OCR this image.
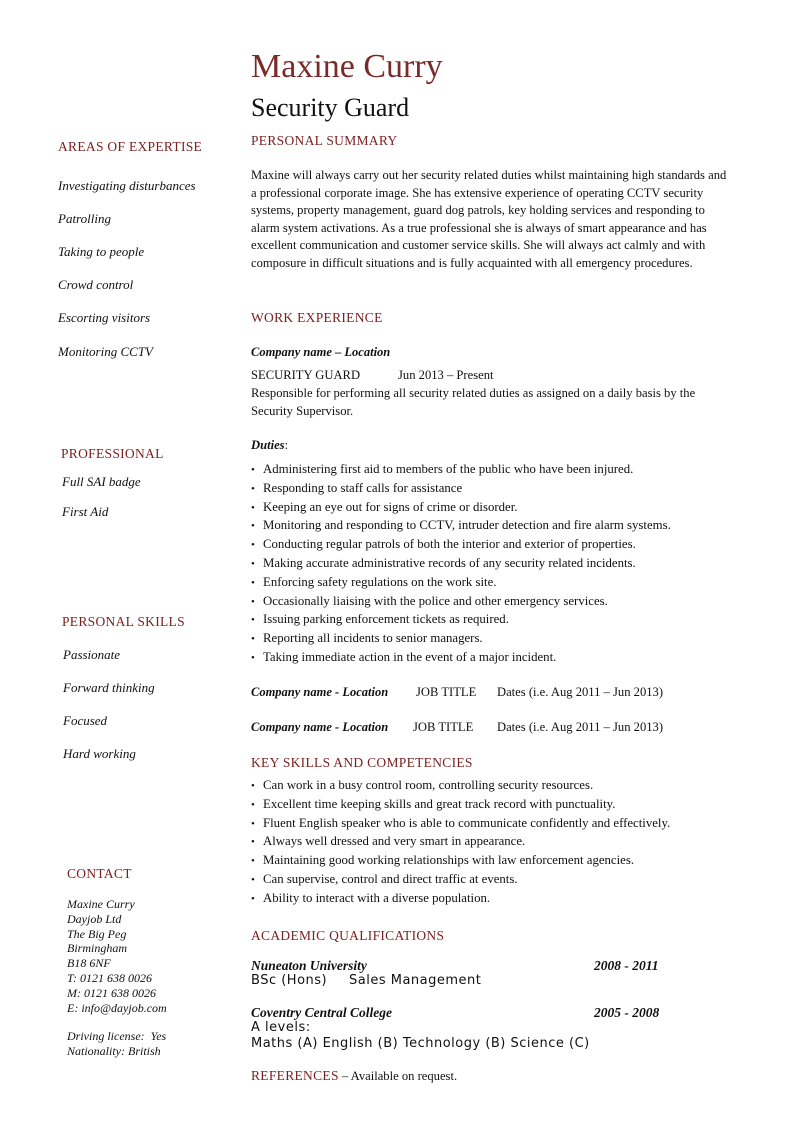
Maxine Curry
Security Guard
AREAS OF EXPERTISE
Investigating disturbances
Patrolling
Taking to people
Crowd control
Escorting visitors
Monitoring CCTV
PROFESSIONAL
Full SAI badge
First Aid
PERSONAL SKILLS
Passionate
Forward thinking
Focused
Hard working
CONTACT
Maxine Curry
Dayjob Ltd
The Big Peg
Birmingham
B18 6NF
T: 0121 638 0026
M: 0121 638 0026
E: info@dayjob.com
Driving license:  Yes
Nationality: British
PERSONAL SUMMARY
Maxine will always carry out her security related duties whilst maintaining high standards and a professional corporate image. She has extensive experience of operating CCTV security systems, property management, guard dog patrols, key holding services and responding to alarm system activations. As a true professional she is always of smart appearance and has excellent communication and customer service skills. She will always act calmly and with composure in difficult situations and is fully acquainted with all emergency procedures.
WORK EXPERIENCE
Company name – Location
SECURITY GUARD	Jun 2013 – Present
Responsible for performing all security related duties as assigned on a daily basis by the Security Supervisor.
Duties:
• Administering first aid to members of the public who have been injured.
• Responding to staff calls for assistance
• Keeping an eye out for signs of crime or disorder.
• Monitoring and responding to CCTV, intruder detection and fire alarm systems.
• Conducting regular patrols of both the interior and exterior of properties.
• Making accurate administrative records of any security related incidents.
• Enforcing safety regulations on the work site.
• Occasionally liaising with the police and other emergency services.
• Issuing parking enforcement tickets as required.
• Reporting all incidents to senior managers.
• Taking immediate action in the event of a major incident.
Company name - Location JOB TITLE Dates (i.e. Aug 2011 – Jun 2013)
Company name - Location JOB TITLE Dates (i.e. Aug 2011 – Jun 2013)
KEY SKILLS AND COMPETENCIES
• Can work in a busy control room, controlling security resources.
• Excellent time keeping skills and great track record with punctuality.
• Fluent English speaker who is able to communicate confidently and effectively.
• Always well dressed and very smart in appearance.
• Maintaining good working relationships with law enforcement agencies.
• Can supervise, control and direct traffic at events.
• Ability to interact with a diverse population.
ACADEMIC QUALIFICATIONS
Nuneaton University	2008 - 2011
BSc (Hons) Sales Management
Coventry Central College	2005 - 2008
A levels:
Maths (A) English (B) Technology (B) Science (C)
REFERENCES – Available on request.
